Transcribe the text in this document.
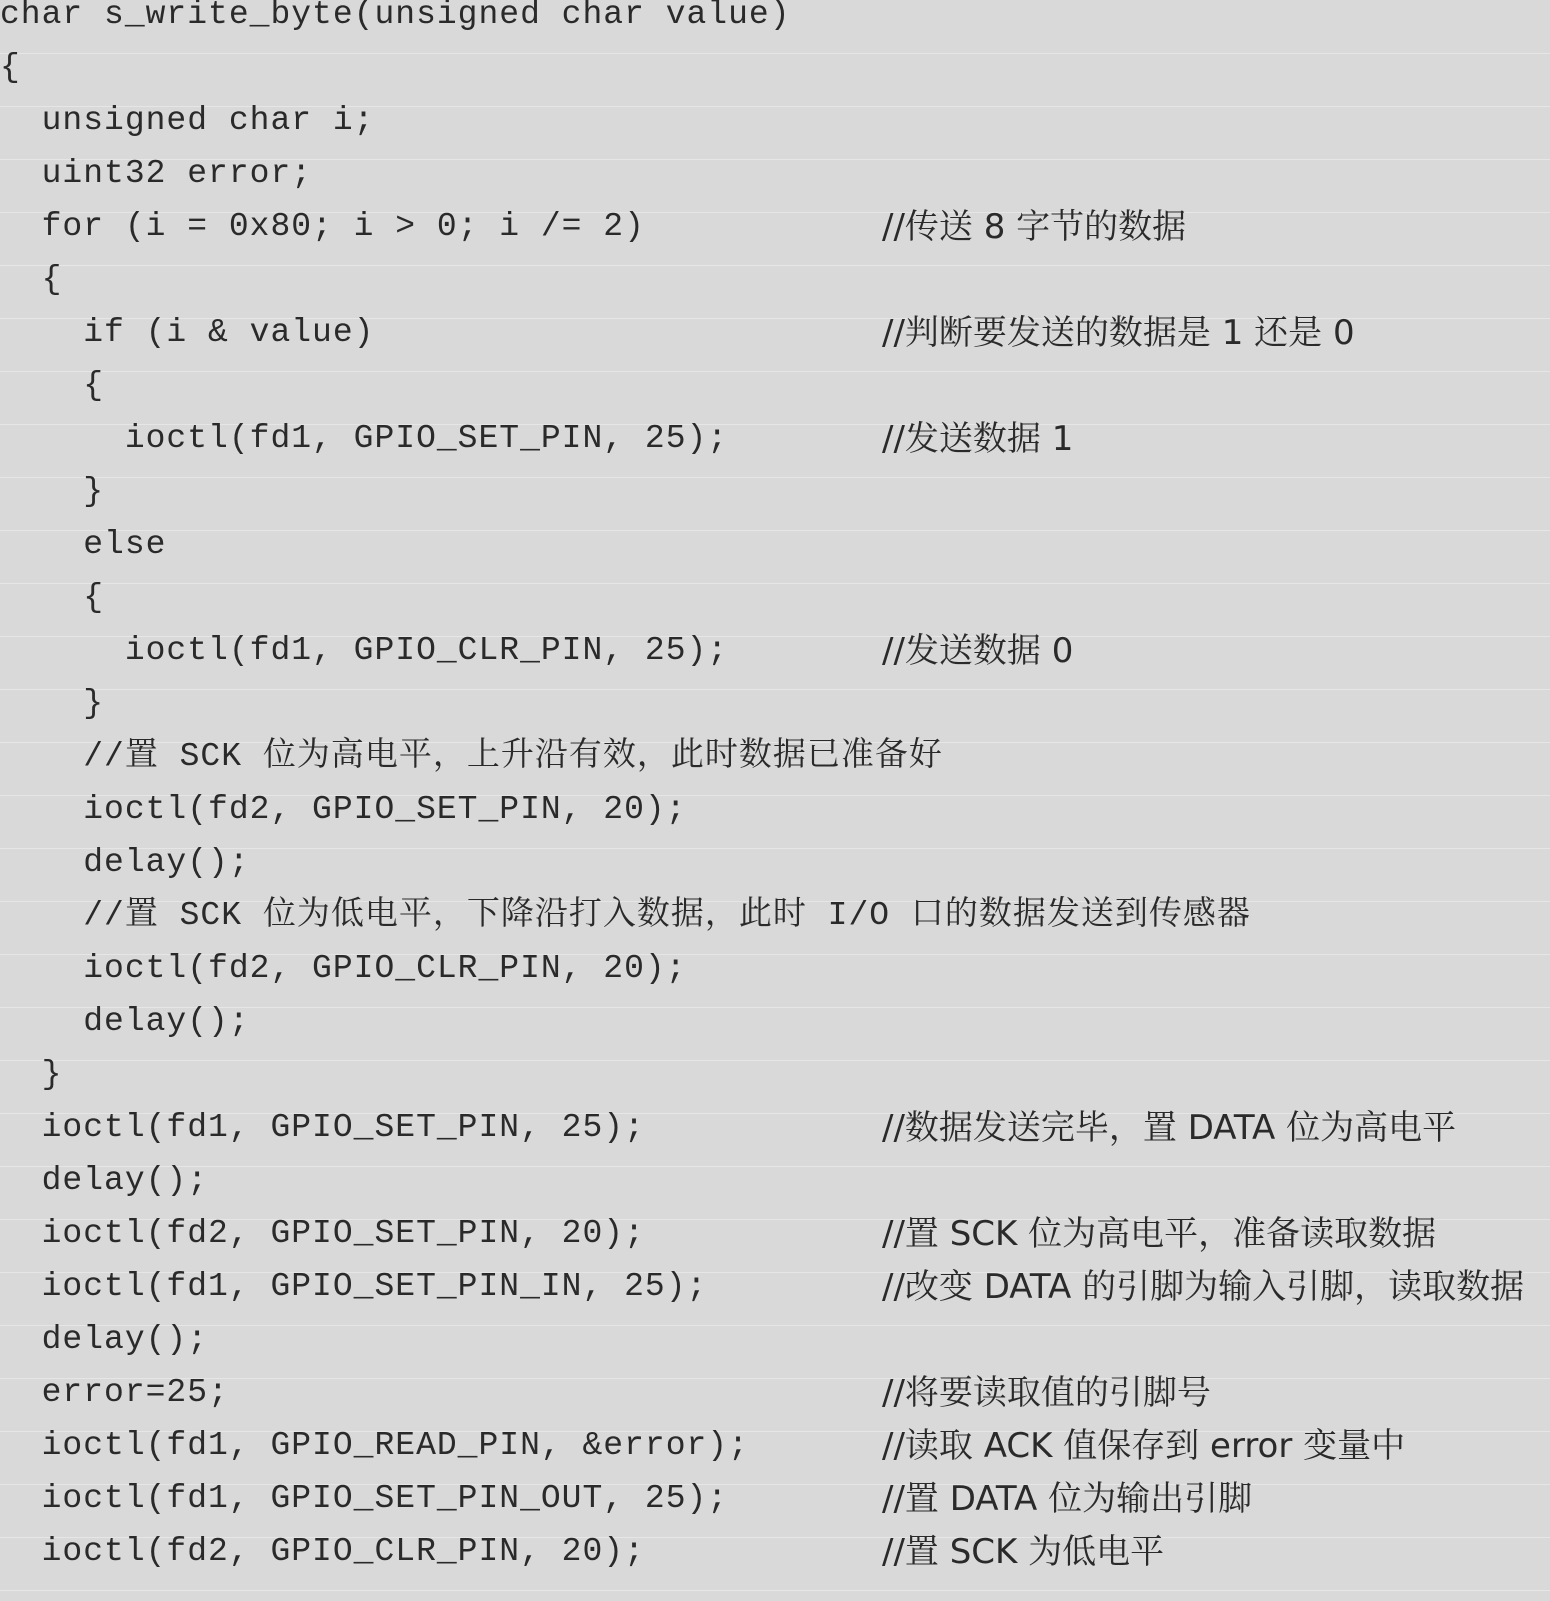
char s_write_byte(unsigned char value)
{
unsigned char i;
uint32 error;
for (i = 0x80; i > 0; i /= 2)	//传送 8 字节的数据
{
if (i & value)	//判断要发送的数据是 1 还是 0
{
ioctl(fd1, GPIO_SET_PIN, 25);	//发送数据 1
}
else
{
ioctl(fd1, GPIO_CLR_PIN, 25);	//发送数据 0
}
//置 SCK 位为高电平，上升沿有效，此时数据已准备好
ioctl(fd2, GPIO_SET_PIN, 20);
delay();
//置 SCK 位为低电平，下降沿打入数据，此时 I/O 口的数据发送到传感器
ioctl(fd2, GPIO_CLR_PIN, 20);
delay();
}
ioctl(fd1, GPIO_SET_PIN, 25);	//数据发送完毕，置 DATA 位为高电平
delay();
ioctl(fd2, GPIO_SET_PIN, 20);	//置 SCK 位为高电平，准备读取数据
ioctl(fd1, GPIO_SET_PIN_IN, 25);	//改变 DATA 的引脚为输入引脚，读取数据
delay();
error=25;	//将要读取值的引脚号
ioctl(fd1, GPIO_READ_PIN, &error);	//读取 ACK 值保存到 error 变量中
ioctl(fd1, GPIO_SET_PIN_OUT, 25);	//置 DATA 位为输出引脚
ioctl(fd2, GPIO_CLR_PIN, 20);	//置 SCK 为低电平
